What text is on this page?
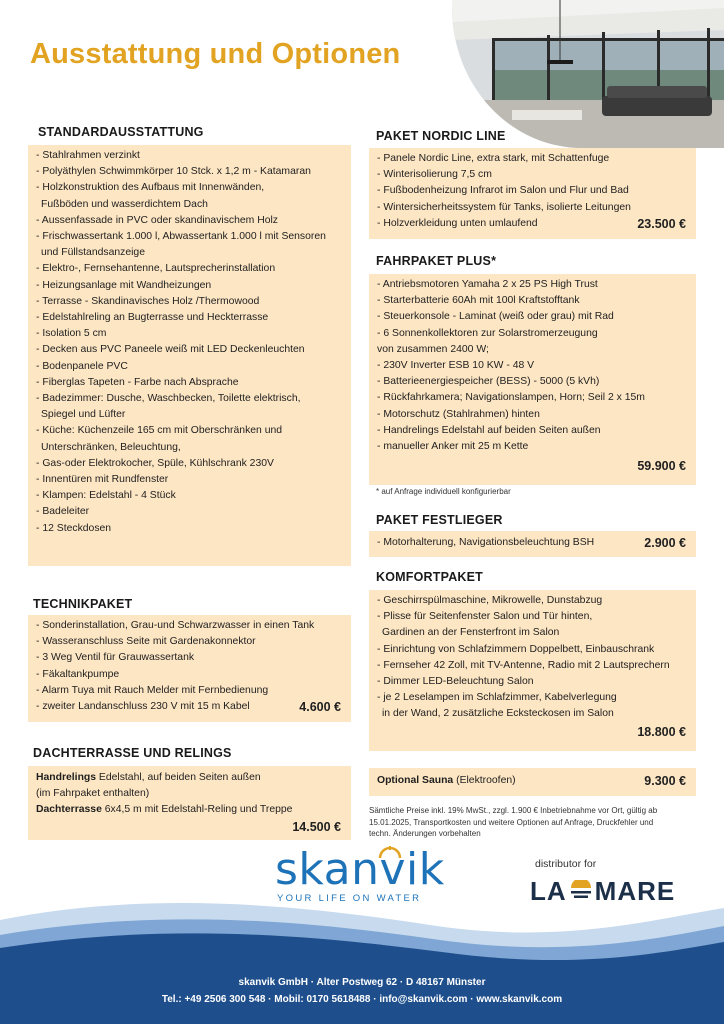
Ausstattung und Optionen
STANDARDAUSSTATTUNG
- Stahlrahmen verzinkt
- Polyäthylen Schwimmkörper 10 Stck. x 1,2 m - Katamaran
- Holzkonstruktion des Aufbaus mit Innenwänden,
Fußböden und wasserdichtem Dach
- Aussenfassade in PVC oder skandinavischem Holz
- Frischwassertank 1.000 l, Abwassertank 1.000 l mit Sensoren
und Füllstandsanzeige
- Elektro-, Fernsehantenne, Lautsprecherinstallation
- Heizungsanlage mit Wandheizungen
- Terrasse - Skandinavisches Holz /Thermowood
- Edelstahlreling an Bugterrasse und Heckterrasse
- Isolation 5 cm
- Decken aus PVC Paneele weiß mit LED Deckenleuchten
- Bodenpanele PVC
- Fiberglas Tapeten - Farbe nach Absprache
- Badezimmer: Dusche, Waschbecken, Toilette elektrisch,
Spiegel und Lüfter
- Küche: Küchenzeile 165 cm mit Oberschränken und
Unterschränken, Beleuchtung,
- Gas-oder Elektrokocher, Spüle, Kühlschrank 230V
- Innentüren mit Rundfenster
- Klampen: Edelstahl - 4 Stück
- Badeleiter
- 12 Steckdosen
TECHNIKPAKET
- Sonderinstallation, Grau-und Schwarzwasser in einen Tank
- Wasseranschluss Seite mit Gardenakonnektor
- 3 Weg Ventil für Grauwassertank
- Fäkaltankpumpe
- Alarm Tuya mit Rauch Melder mit Fernbedienung
- zweiter Landanschluss 230 V mit 15 m Kabel	4.600 €
DACHTERRASSE UND RELINGS
Handrelings Edelstahl, auf beiden Seiten außen
(im Fahrpaket enthalten)
Dachterrasse 6x4,5 m mit Edelstahl-Reling und Treppe
14.500 €
PAKET NORDIC LINE
- Panele Nordic Line, extra stark, mit Schattenfuge
- Winterisolierung 7,5 cm
- Fußbodenheizung Infrarot im Salon und Flur und Bad
- Wintersicherheitssystem für Tanks, isolierte Leitungen
- Holzverkleidung unten umlaufend	23.500 €
FAHRPAKET PLUS*
- Antriebsmotoren Yamaha 2 x 25 PS High Trust
- Starterbatterie 60Ah mit 100l Kraftstofftank
- Steuerkonsole - Laminat (weiß oder grau) mit Rad
- 6 Sonnenkollektoren zur Solarstromerzeugung
von zusammen 2400 W;
- 230V Inverter ESB 10 KW - 48 V
- Batterieenergiespeicher (BESS) - 5000 (5 kVh)
- Rückfahrkamera; Navigationslampen, Horn; Seil 2 x 15m
- Motorschutz (Stahlrahmen) hinten
- Handrelings Edelstahl auf beiden Seiten außen
- manueller Anker mit 25 m Kette
59.900 €
* auf Anfrage individuell konfigurierbar
PAKET FESTLIEGER
- Motorhalterung, Navigationsbeleuchtung BSH	2.900 €
KOMFORTPAKET
- Geschirrspülmaschine, Mikrowelle, Dunstabzug
- Plisse für Seitenfenster Salon und Tür hinten,
Gardinen an der Fensterfront im Salon
- Einrichtung von Schlafzimmern Doppelbett, Einbauschrank
- Fernseher 42 Zoll, mit TV-Antenne, Radio mit 2 Lautsprechern
- Dimmer LED-Beleuchtung Salon
- je 2 Leselampen im Schlafzimmer, Kabelverlegung
in der Wand, 2 zusätzliche Ecksteckosen im Salon
18.800 €
Optional Sauna (Elektroofen)	9.300 €
Sämtliche Preise inkl. 19% MwSt., zzgl. 1.900 € Inbetriebnahme vor Ort, gültig ab
15.01.2025, Transportkosten und weitere Optionen auf Anfrage, Druckfehler und
techn. Änderungen vorbehalten
skanvik
YOUR LIFE ON WATER
distributor for
LA MARE
skanvik GmbH · Alter Postweg 62 · D 48167 Münster
Tel.: +49 2506 300 548 · Mobil: 0170 5618488 · info@skanvik.com · www.skanvik.com
